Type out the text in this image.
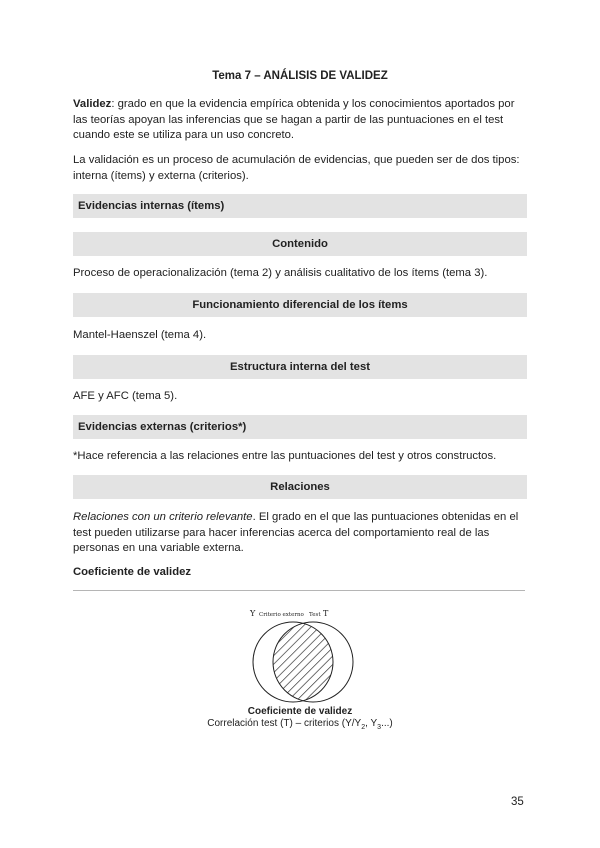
Tema 7 – ANÁLISIS DE VALIDEZ
Validez: grado en que la evidencia empírica obtenida y los conocimientos aportados por las teorías apoyan las inferencias que se hagan a partir de las puntuaciones en el test cuando este se utiliza para un uso concreto.
La validación es un proceso de acumulación de evidencias, que pueden ser de dos tipos: interna (ítems) y externa (criterios).
Evidencias internas (ítems)
Contenido
Proceso de operacionalización (tema 2) y análisis cualitativo de los ítems (tema 3).
Funcionamiento diferencial de los ítems
Mantel-Haenszel (tema 4).
Estructura interna del test
AFE y AFC (tema 5).
Evidencias externas (criterios*)
*Hace referencia a las relaciones entre las puntuaciones del test y otros constructos.
Relaciones
Relaciones con un criterio relevante. El grado en el que las puntuaciones obtenidas en el test pueden utilizarse para hacer inferencias acerca del comportamiento real de las personas en una variable externa.
Coeficiente de validez
Y Criterio externo Test T
Coeficiente de validez
Correlación test (T) – criterios ($Y/Y_2$, $Y_3$...)
35
